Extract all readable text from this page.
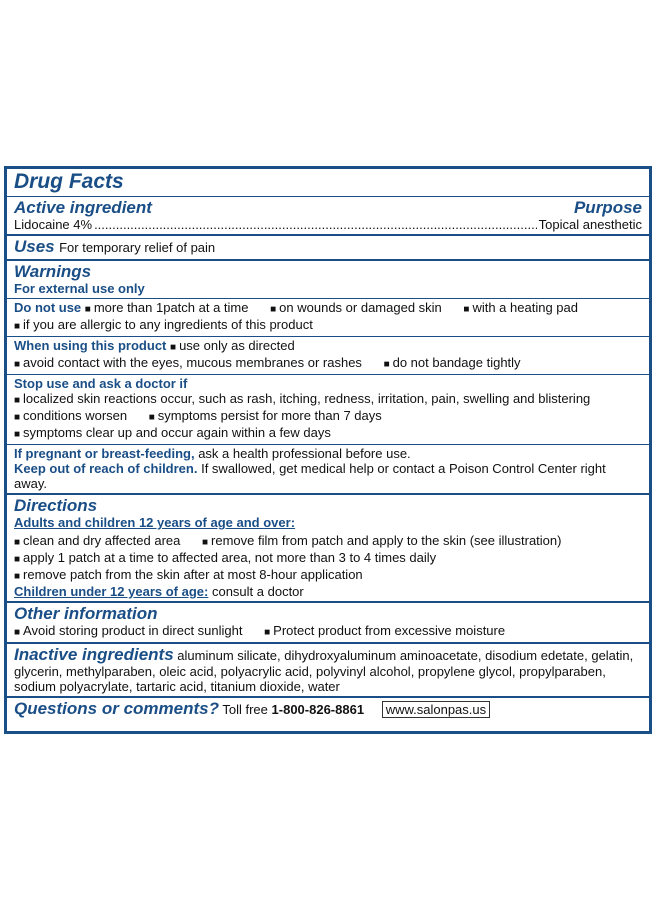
Drug Facts
Active ingredient	Purpose
Lidocaine 4%
.....	Topical anesthetic
Uses For temporary relief of pain
Warnings
For external use only
Do not use ■ more than 1patch at a time ■ on wounds or damaged skin ■ with a heating pad
■ if you are allergic to any ingredients of this product
When using this product ■ use only as directed
■ avoid contact with the eyes, mucous membranes or rashes ■ do not bandage tightly
Stop use and ask a doctor if
■ localized skin reactions occur, such as rash, itching, redness, irritation, pain, swelling and blistering
■ conditions worsen ■ symptoms persist for more than 7 days
■ symptoms clear up and occur again within a few days
If pregnant or breast-feeding, ask a health professional before use.
Keep out of reach of children. If swallowed, get medical help or contact a Poison Control Center right away.
Directions
Adults and children 12 years of age and over:
■ clean and dry affected area ■ remove film from patch and apply to the skin (see illustration)
■ apply 1 patch at a time to affected area, not more than 3 to 4 times daily
■ remove patch from the skin after at most 8-hour application
Children under 12 years of age: consult a doctor
Other information
■ Avoid storing product in direct sunlight ■ Protect product from excessive moisture
Inactive ingredients aluminum silicate, dihydroxyaluminum aminoacetate, disodium edetate, gelatin, glycerin, methylparaben, oleic acid, polyacrylic acid, polyvinyl alcohol, propylene glycol, propylparaben, sodium polyacrylate, tartaric acid, titanium dioxide, water
Questions or comments? Toll free 1-800-826-8861 www.salonpas.us
